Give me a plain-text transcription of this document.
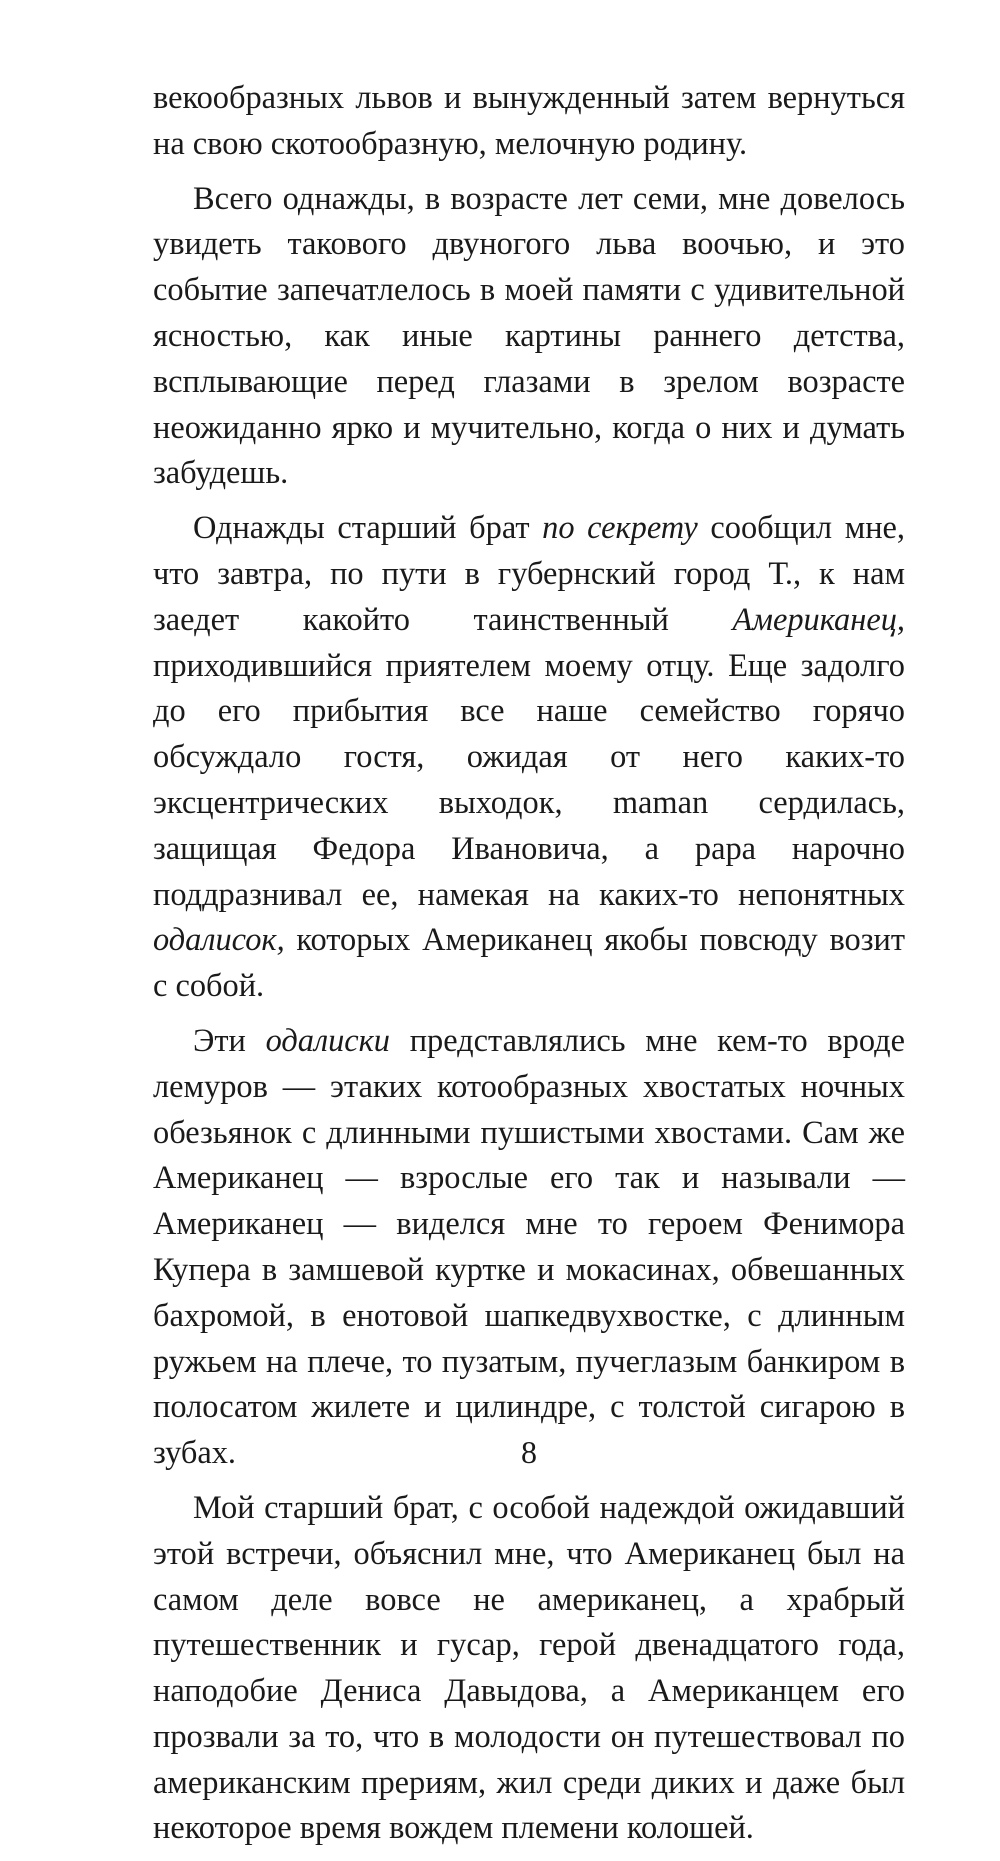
векообразных львов и вынужденный затем вернуться на свою скотообразную, мелочную родину.

Всего однажды, в возрасте лет семи, мне довелось увидеть такового двуногого льва воочью, и это событие запечатлелось в моей памяти с удивительной ясностью, как иные картины раннего детства, всплывающие перед глазами в зрелом возрасте неожиданно ярко и мучительно, когда о них и думать забудешь.

Однажды старший брат по секрету сообщил мне, что завтра, по пути в губернский город Т., к нам заедет какойто таинственный Американец, приходившийся приятелем моему отцу. Еще задолго до его прибытия все наше семейство горячо обсуждало гостя, ожидая от него каких-то эксцентрических выходок, maman сердилась, защищая Федора Ивановича, а papa нарочно поддразнивал ее, намекая на каких-то непонятных одалисок, которых Американец якобы повсюду возит с собой.

Эти одалиски представлялись мне кем-то вроде лемуров — этаких котообразных хвостатых ночных обезьянок с длинными пушистыми хвостами. Сам же Американец — взрослые его так и называли — Американец — виделся мне то героем Фенимора Купера в замшевой куртке и мокасинах, обвешанных бахромой, в енотовой шапкедвухвостке, с длинным ружьем на плече, то пузатым, пучеглазым банкиром в полосатом жилете и цилиндре, с толстой сигарою в зубах.

Мой старший брат, с особой надеждой ожидавший этой встречи, объяснил мне, что Американец был на самом деле вовсе не американец, а храбрый путешественник и гусар, герой двенадцатого года, наподобие Дениса Давыдова, а Американцем его прозвали за то, что в молодости он путешествовал по американским прериям, жил среди диких и даже был некоторое время вождем племени колошей.

8
